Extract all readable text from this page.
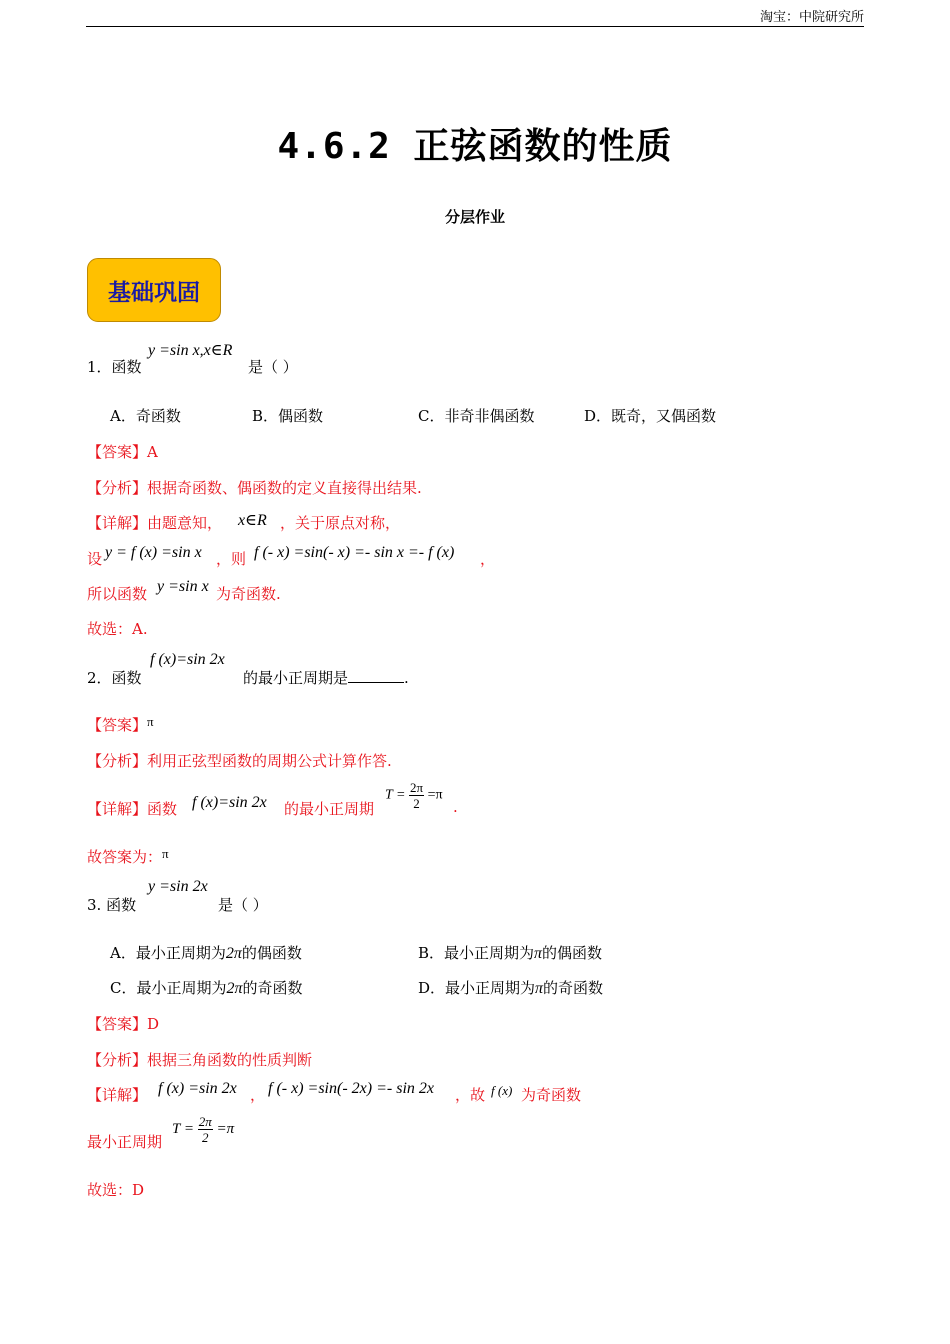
淘宝：中院研究所
4.6.2 正弦函数的性质
分层作业
基础巩固
1．函数
y =sin x,x∈R
是（ ）
A．奇函数	B．偶函数	C．非奇非偶函数	D．既奇，又偶函数
【答案】A
【分析】根据奇函数、偶函数的定义直接得出结果.
【详解】由题意知， x∈R ，关于原点对称，
设 y = f (x) =sin x ，则 f (- x) =sin(- x) =- sin x =- f (x) ，
所以函数 y =sin x 为奇函数.
故选：A.
2．函数
f (x)=sin 2x
的最小正周期是	.
【答案】π
【分析】利用正弦型函数的周期公式计算作答.
【详解】函数 f (x)=sin 2x 的最小正周期
$T = \frac{2\pi}{2} =\pi$
.
故答案为：π
3. 函数
y =sin 2x
是（ ）
A．最小正周期为2π的偶函数	B．最小正周期为π的偶函数
C．最小正周期为2π的奇函数	D．最小正周期为π的奇函数
【答案】D
【分析】根据三角函数的性质判断
【详解】 f (x) =sin 2x ， f (- x) =sin(- 2x) =- sin 2x ，故 f (x) 为奇函数
最小正周期
$T = \frac{2\pi}{2} =\pi$
故选：D
